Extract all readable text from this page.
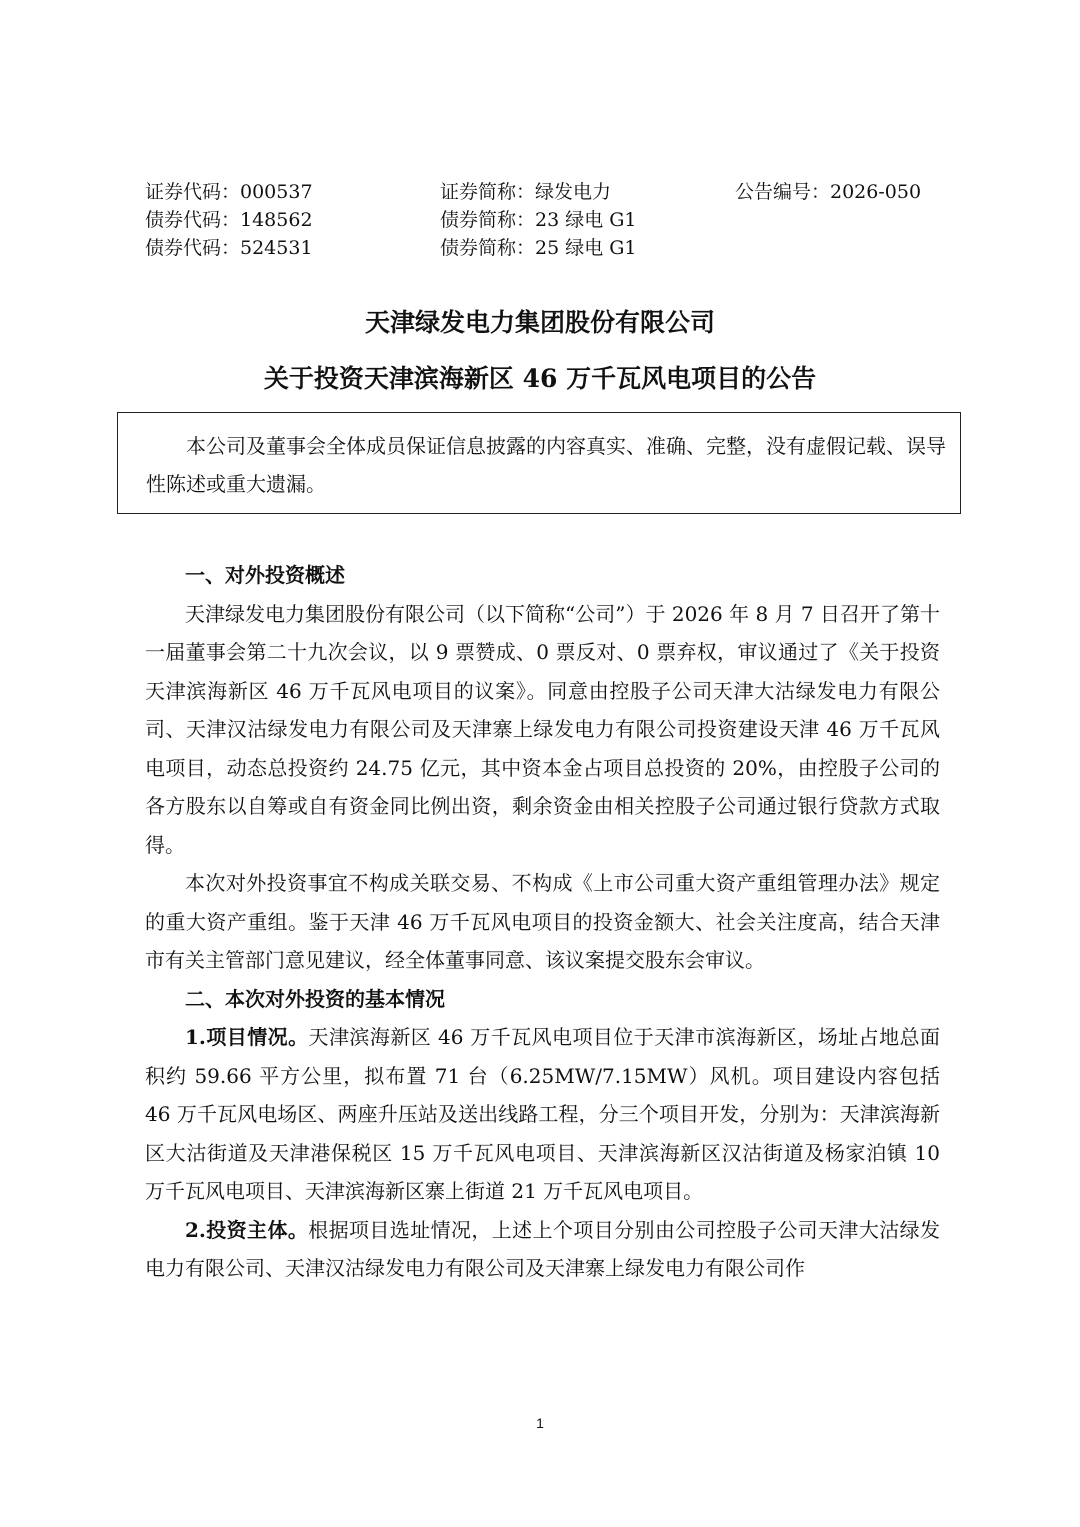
证券代码：000537	证券简称：绿发电力	公告编号：2026-050
债券代码：148562	债券简称：23 绿电 G1
债券代码：524531	债券简称：25 绿电 G1
天津绿发电力集团股份有限公司
关于投资天津滨海新区 46 万千瓦风电项目的公告

本公司及董事会全体成员保证信息披露的内容真实、准确、完整，没有虚假记载、误导性陈述或重大遗漏。

一、对外投资概述

天津绿发电力集团股份有限公司（以下简称“公司”）于 2026 年 8 月 7 日召开了第十一届董事会第二十九次会议，以 9 票赞成、0 票反对、0 票弃权，审议通过了《关于投资天津滨海新区 46 万千瓦风电项目的议案》。同意由控股子公司天津大沽绿发电力有限公司、天津汉沽绿发电力有限公司及天津寨上绿发电力有限公司投资建设天津 46 万千瓦风电项目，动态总投资约 24.75 亿元，其中资本金占项目总投资的 20%，由控股子公司的各方股东以自筹或自有资金同比例出资，剩余资金由相关控股子公司通过银行贷款方式取得。

本次对外投资事宜不构成关联交易、不构成《上市公司重大资产重组管理办法》规定的重大资产重组。鉴于天津 46 万千瓦风电项目的投资金额大、社会关注度高，结合天津市有关主管部门意见建议，经全体董事同意、该议案提交股东会审议。

二、本次对外投资的基本情况

1.项目情况。天津滨海新区 46 万千瓦风电项目位于天津市滨海新区，场址占地总面积约 59.66 平方公里，拟布置 71 台（6.25MW/7.15MW）风机。项目建设内容包括 46 万千瓦风电场区、两座升压站及送出线路工程，分三个项目开发，分别为：天津滨海新区大沽街道及天津港保税区 15 万千瓦风电项目、天津滨海新区汉沽街道及杨家泊镇 10 万千瓦风电项目、天津滨海新区寨上街道 21 万千瓦风电项目。

2.投资主体。根据项目选址情况，上述上个项目分别由公司控股子公司天津大沽绿发电力有限公司、天津汉沽绿发电力有限公司及天津寨上绿发电力有限公司作

1
